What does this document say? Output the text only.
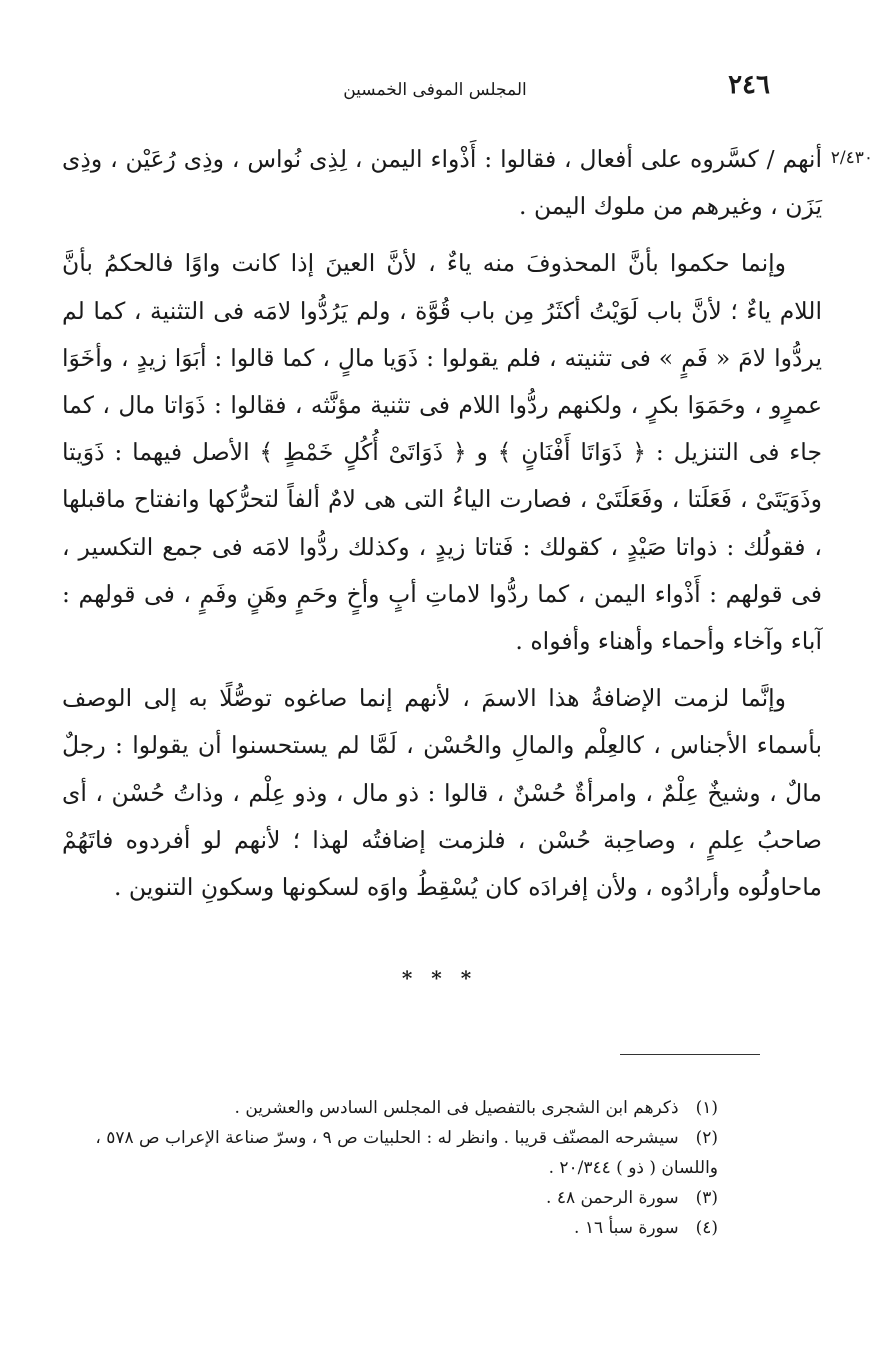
٢٤٦
المجلس الموفى الخمسين
٢/٤٣٠

أنهم / كسَّروه على أفعال ، فقالوا : أَذْواء اليمن ، لِذِى نُواس ، وذِى رُعَيْن ، وذِى يَزَن ، وغيرهم من ملوك اليمن .

وإنما حكموا بأنَّ المحذوفَ منه ياءٌ ، لأنَّ العينَ إذا كانت واوًا فالحكمُ بأنَّ اللام ياءٌ ؛ لأنَّ باب لَوَيْتُ أكثَرُ مِن باب قُوَّة ، ولم يَرُدُّوا لامَه فى التثنية ، كما لم يردُّوا لامَ « فَمٍ » فى تثنيته ، فلم يقولوا : ذَوَيا مالٍ ، كما قالوا : أبَوَا زيدٍ ، وأخَوَا عمرٍو ، وحَمَوَا بكرٍ ، ولكنهم ردُّوا اللام فى تثنية مؤنَّثه ، فقالوا : ذَوَاتا مال ، كما جاء فى التنزيل : ﴿ ذَوَاتَا أَفْنَانٍ ﴾ و ﴿ ذَوَاتَىْ أُكُلٍ خَمْطٍ ﴾ الأصل فيهما : ذَوَيتا وذَوَيَتَىْ ، فَعَلَتا ، وفَعَلَتَىْ ، فصارت الياءُ التى هى لامٌ ألفاً لتحرُّكها وانفتاح ماقبلها ، فقولُك : ذواتا صَيْدٍ ، كقولك : فَتاتا زيدٍ ، وكذلك ردُّوا لامَه فى جمع التكسير ، فى قولهم : أَذْواء اليمن ، كما ردُّوا لاماتِ أبٍ وأخٍ وحَمٍ وهَنٍ وفَمٍ ، فى قولهم : آباء وآخاء وأحماء وأهناء وأفواه .

وإنَّما لزمت الإضافةُ هذا الاسمَ ، لأنهم إنما صاغوه توصُّلًا به إلى الوصف بأسماء الأجناس ، كالعِلْم والمالِ والحُسْن ، لَمَّا لم يستحسنوا أن يقولوا : رجلٌ مالٌ ، وشيخٌ عِلْمٌ ، وامرأةٌ حُسْنٌ ، قالوا : ذو مال ، وذو عِلْم ، وذاتُ حُسْن ، أى صاحبُ عِلمٍ ، وصاحِبة حُسْن ، فلزمت إضافتُه لهذا ؛ لأنهم لو أفردوه فاتَهُمْ ماحاولُوه وأرادُوه ، ولأن إفرادَه كان يُسْقِطُ واوَه لسكونها وسكونِ التنوين .

* * *

(١) ذكرهم ابن الشجرى بالتفصيل فى المجلس السادس والعشرين .

(٢) سيشرحه المصنّف قريبا . وانظر له : الحلبيات ص ٩ ، وسرّ صناعة الإعراب ص ٥٧٨ ،

واللسان ( ذو ) ٢٠/٣٤٤ .

(٣) سورة الرحمن ٤٨ .

(٤) سورة سبأ ١٦ .
